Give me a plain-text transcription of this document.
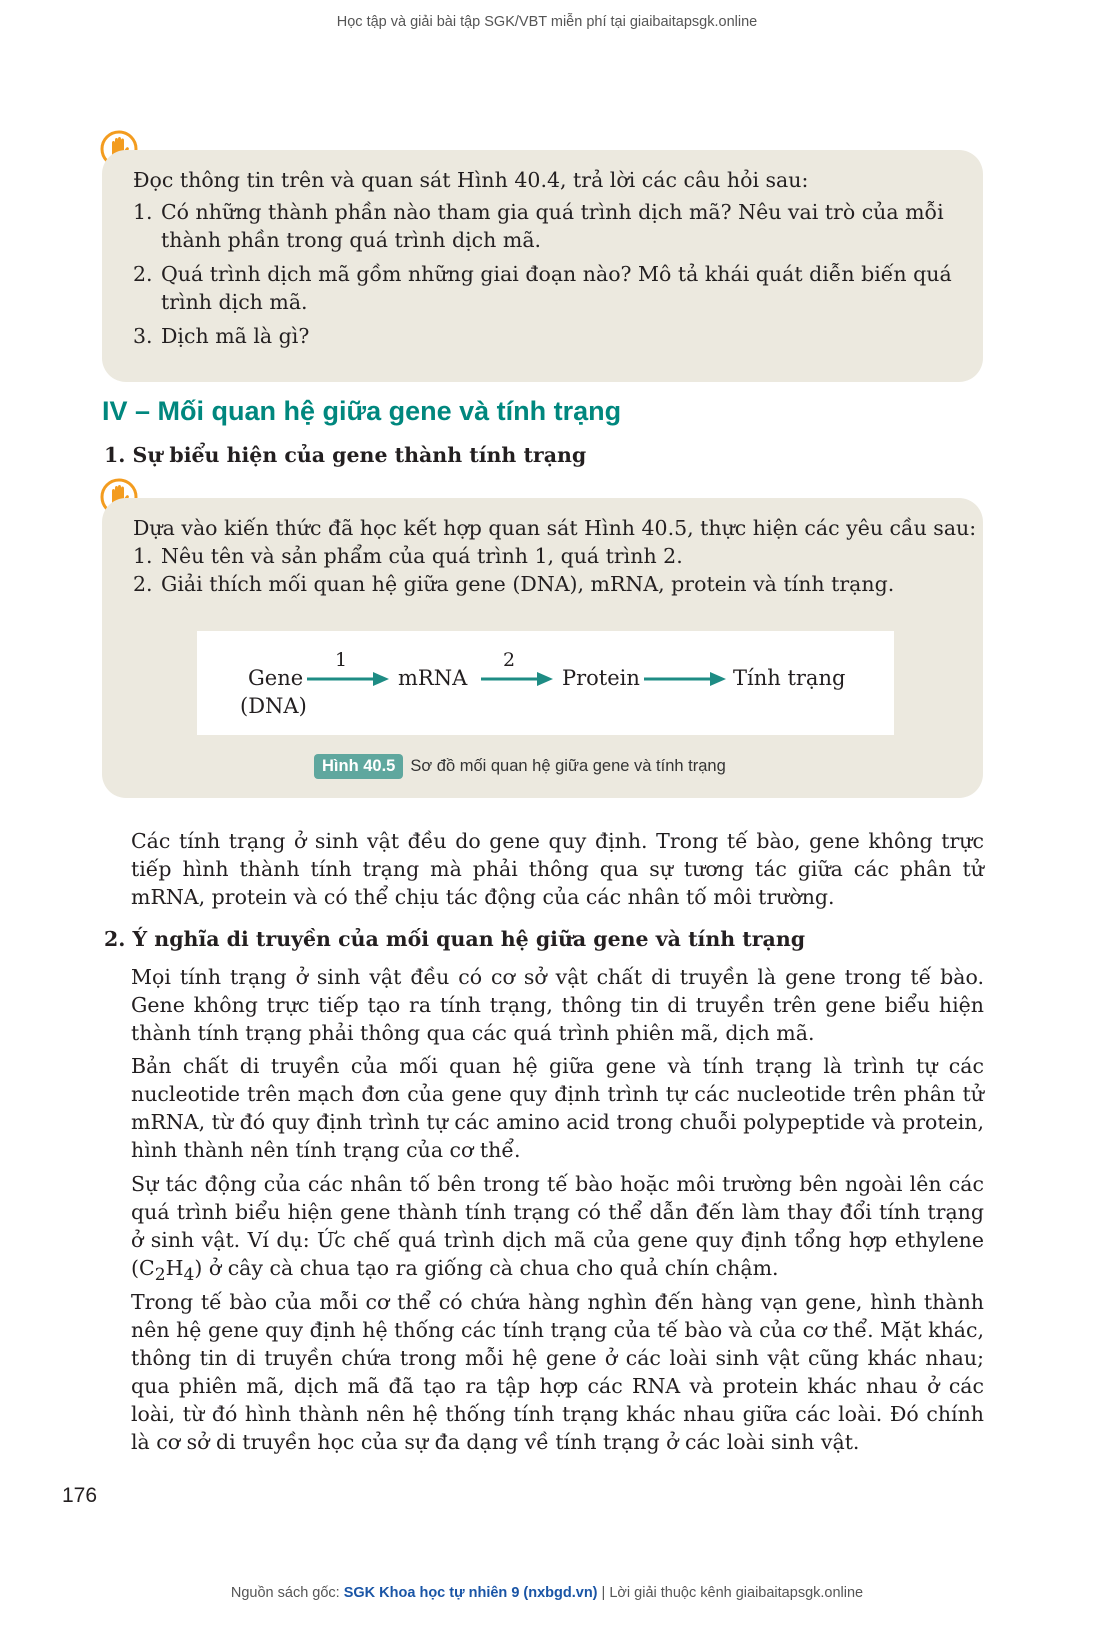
Học tập và giải bài tập SGK/VBT miễn phí tại giaibaitapsgk.online
Đọc thông tin trên và quan sát Hình 40.4, trả lời các câu hỏi sau:
1. Có những thành phần nào tham gia quá trình dịch mã? Nêu vai trò của mỗi thành phần trong quá trình dịch mã.
2. Quá trình dịch mã gồm những giai đoạn nào? Mô tả khái quát diễn biến quá trình dịch mã.
3. Dịch mã là gì?
IV – Mối quan hệ giữa gene và tính trạng
1. Sự biểu hiện của gene thành tính trạng
Dựa vào kiến thức đã học kết hợp quan sát Hình 40.5, thực hiện các yêu cầu sau:
1. Nêu tên và sản phẩm của quá trình 1, quá trình 2.
2. Giải thích mối quan hệ giữa gene (DNA), mRNA, protein và tính trạng.
Gene
(DNA)
1
mRNA
2
Protein	Tính trạng
Hình 40.5 Sơ đồ mối quan hệ giữa gene và tính trạng
Các tính trạng ở sinh vật đều do gene quy định. Trong tế bào, gene không trực tiếp hình thành tính trạng mà phải thông qua sự tương tác giữa các phân tử mRNA, protein và có thể chịu tác động của các nhân tố môi trường.
2. Ý nghĩa di truyền của mối quan hệ giữa gene và tính trạng
Mọi tính trạng ở sinh vật đều có cơ sở vật chất di truyền là gene trong tế bào. Gene không trực tiếp tạo ra tính trạng, thông tin di truyền trên gene biểu hiện thành tính trạng phải thông qua các quá trình phiên mã, dịch mã.
Bản chất di truyền của mối quan hệ giữa gene và tính trạng là trình tự các nucleotide trên mạch đơn của gene quy định trình tự các nucleotide trên phân tử mRNA, từ đó quy định trình tự các amino acid trong chuỗi polypeptide và protein, hình thành nên tính trạng của cơ thể.
Sự tác động của các nhân tố bên trong tế bào hoặc môi trường bên ngoài lên các quá trình biểu hiện gene thành tính trạng có thể dẫn đến làm thay đổi tính trạng ở sinh vật. Ví dụ: Ức chế quá trình dịch mã của gene quy định tổng hợp ethylene $(C_2H_4)$ ở cây cà chua tạo ra giống cà chua cho quả chín chậm.
Trong tế bào của mỗi cơ thể có chứa hàng nghìn đến hàng vạn gene, hình thành nên hệ gene quy định hệ thống các tính trạng của tế bào và của cơ thể. Mặt khác, thông tin di truyền chứa trong mỗi hệ gene ở các loài sinh vật cũng khác nhau; qua phiên mã, dịch mã đã tạo ra tập hợp các RNA và protein khác nhau ở các loài, từ đó hình thành nên hệ thống tính trạng khác nhau giữa các loài. Đó chính là cơ sở di truyền học của sự đa dạng về tính trạng ở các loài sinh vật.
176
Nguồn sách gốc: SGK Khoa học tự nhiên 9 (nxbgd.vn) | Lời giải thuộc kênh giaibaitapsgk.online
